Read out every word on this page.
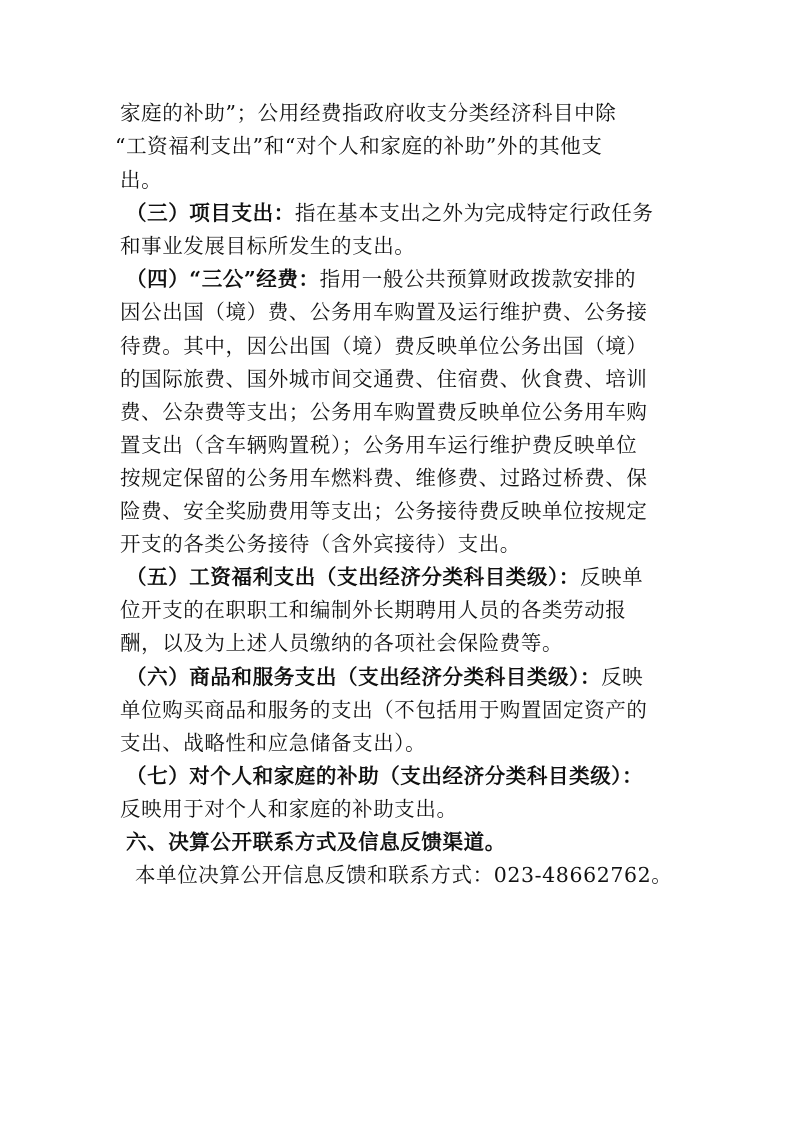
家庭的补助”；公用经费指政府收支分类经济科目中除
“工资福利支出”和“对个人和家庭的补助”外的其他支
出。
（三）项目支出：指在基本支出之外为完成特定行政任务
和事业发展目标所发生的支出。
（四）“三公”经费：指用一般公共预算财政拨款安排的
因公出国（境）费、公务用车购置及运行维护费、公务接
待费。其中，因公出国（境）费反映单位公务出国（境）
的国际旅费、国外城市间交通费、住宿费、伙食费、培训
费、公杂费等支出；公务用车购置费反映单位公务用车购
置支出（含车辆购置税）；公务用车运行维护费反映单位
按规定保留的公务用车燃料费、维修费、过路过桥费、保
险费、安全奖励费用等支出；公务接待费反映单位按规定
开支的各类公务接待（含外宾接待）支出。
（五）工资福利支出（支出经济分类科目类级）：反映单
位开支的在职职工和编制外长期聘用人员的各类劳动报
酬，以及为上述人员缴纳的各项社会保险费等。
（六）商品和服务支出（支出经济分类科目类级）：反映
单位购买商品和服务的支出（不包括用于购置固定资产的
支出、战略性和应急储备支出）。
（七）对个人和家庭的补助（支出经济分类科目类级）：
反映用于对个人和家庭的补助支出。
六、决算公开联系方式及信息反馈渠道。
本单位决算公开信息反馈和联系方式：023-48662762。
